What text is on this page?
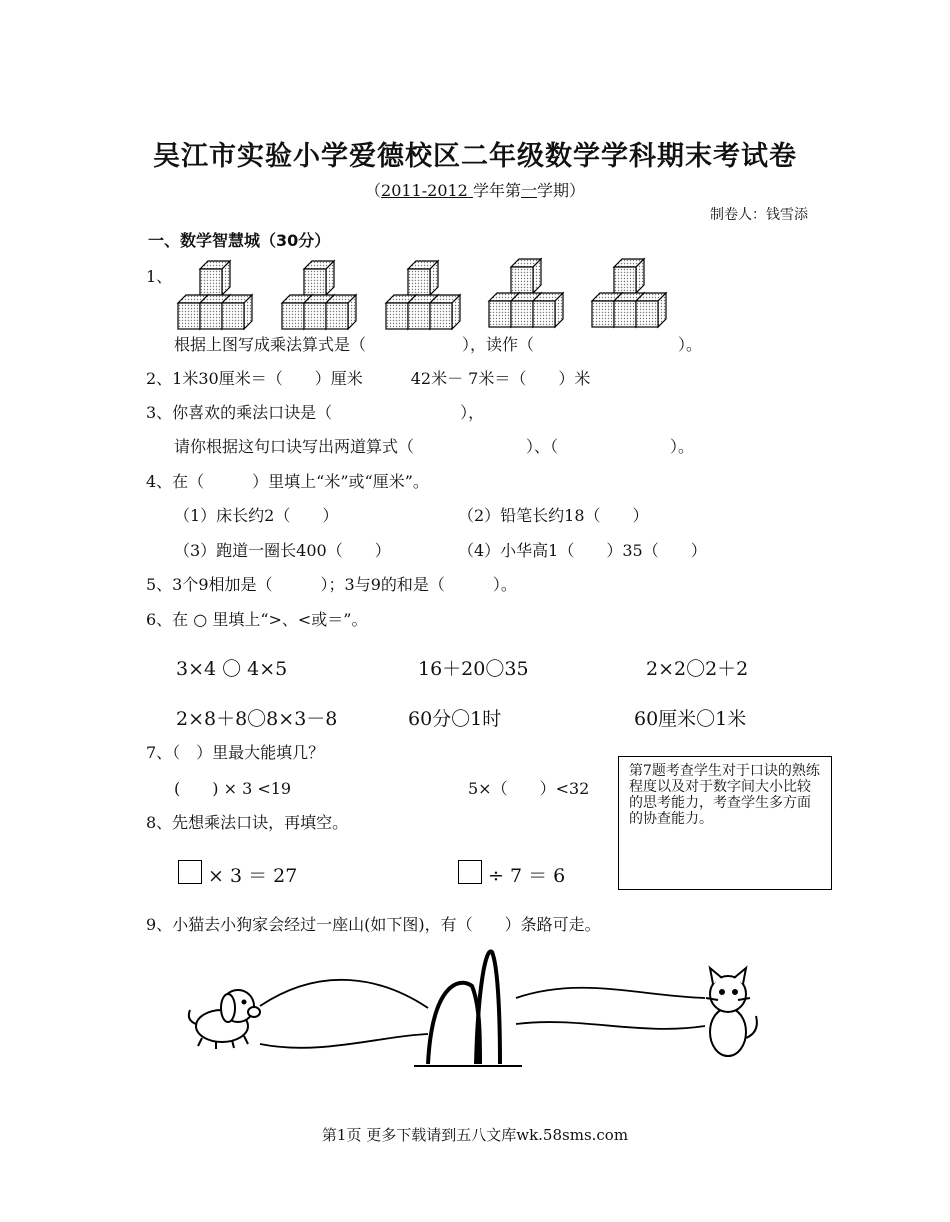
吴江市实验小学爱德校区二年级数学学科期末考试卷
（2011-2012 学年第一学期）
制卷人：钱雪添
一、数学智慧城（30分）
1、
根据上图写成乘法算式是（　　　　　　），读作（　　　　　　　　　）。
2、1米30厘米＝（　　）厘米　　　42米－ 7米＝（　　）米
3、你喜欢的乘法口诀是（　　　　　　　　），
请你根据这句口诀写出两道算式（　　　　　　　）、（　　　　　　　）。
4、在（　　　）里填上“米”或“厘米”。
（1）床长约2（　　）	（2）铅笔长约18（　　）
（3）跑道一圈长400（　　）	（4）小华高1（　　）35（　　）
5、3个9相加是（　　　）；3与9的和是（　　　）。
6、在 ○ 里填上“>、<或＝”。
3×4 〇 4×5	16＋20〇35	2×2〇2＋2
2×8＋8〇8×3－8	60分〇1时	60厘米〇1米
7、（　）里最大能填几？
(　　) × 3 <19	5×（　　）<32
第7题考查学生对于口诀的熟练程度以及对于数字间大小比较的思考能力，考查学生多方面的协查能力。
8、先想乘法口诀，再填空。
× 3 ＝ 27	÷ 7 ＝ 6
9、小猫去小狗家会经过一座山(如下图)，有（　　）条路可走。
第1页 更多下载请到五八文库wk.58sms.com
